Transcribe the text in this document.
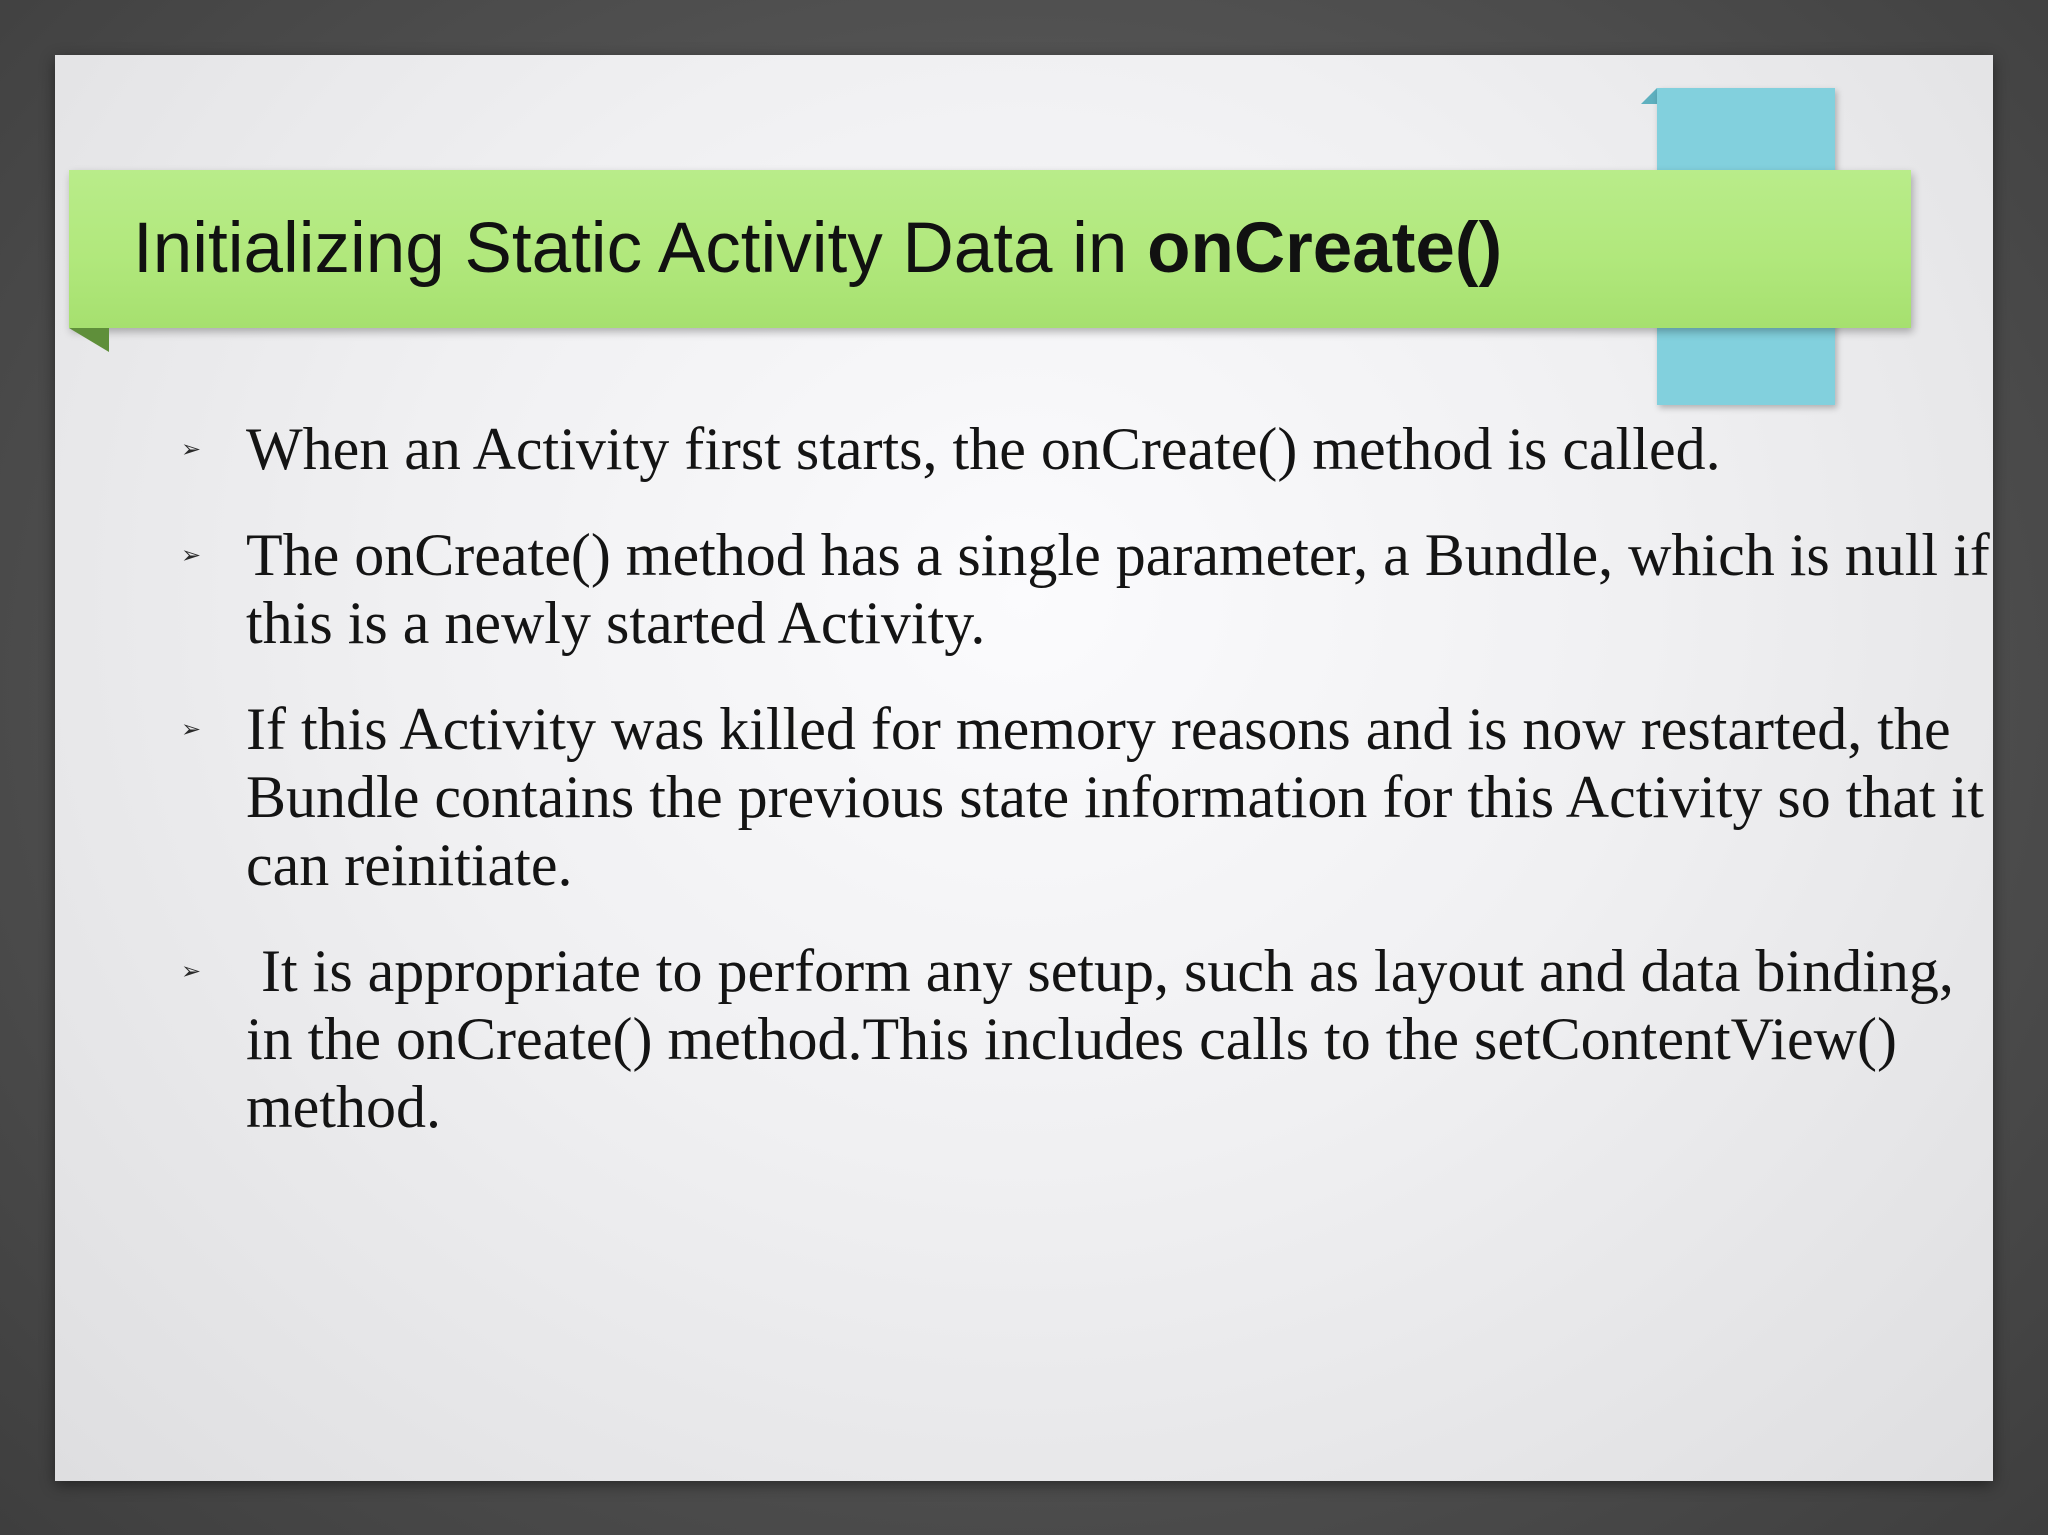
Initializing Static Activity Data in onCreate()
➢ When an Activity first starts, the onCreate() method is called.
➢ The onCreate() method has a single parameter, a Bundle, which is null if this is a newly started Activity.
➢ If this Activity was killed for memory reasons and is now restarted, the Bundle contains the previous state information for this Activity so that it can reinitiate.
➢ It is appropriate to perform any setup, such as layout and data binding, in the onCreate() method.This includes calls to the setContentView() method.
